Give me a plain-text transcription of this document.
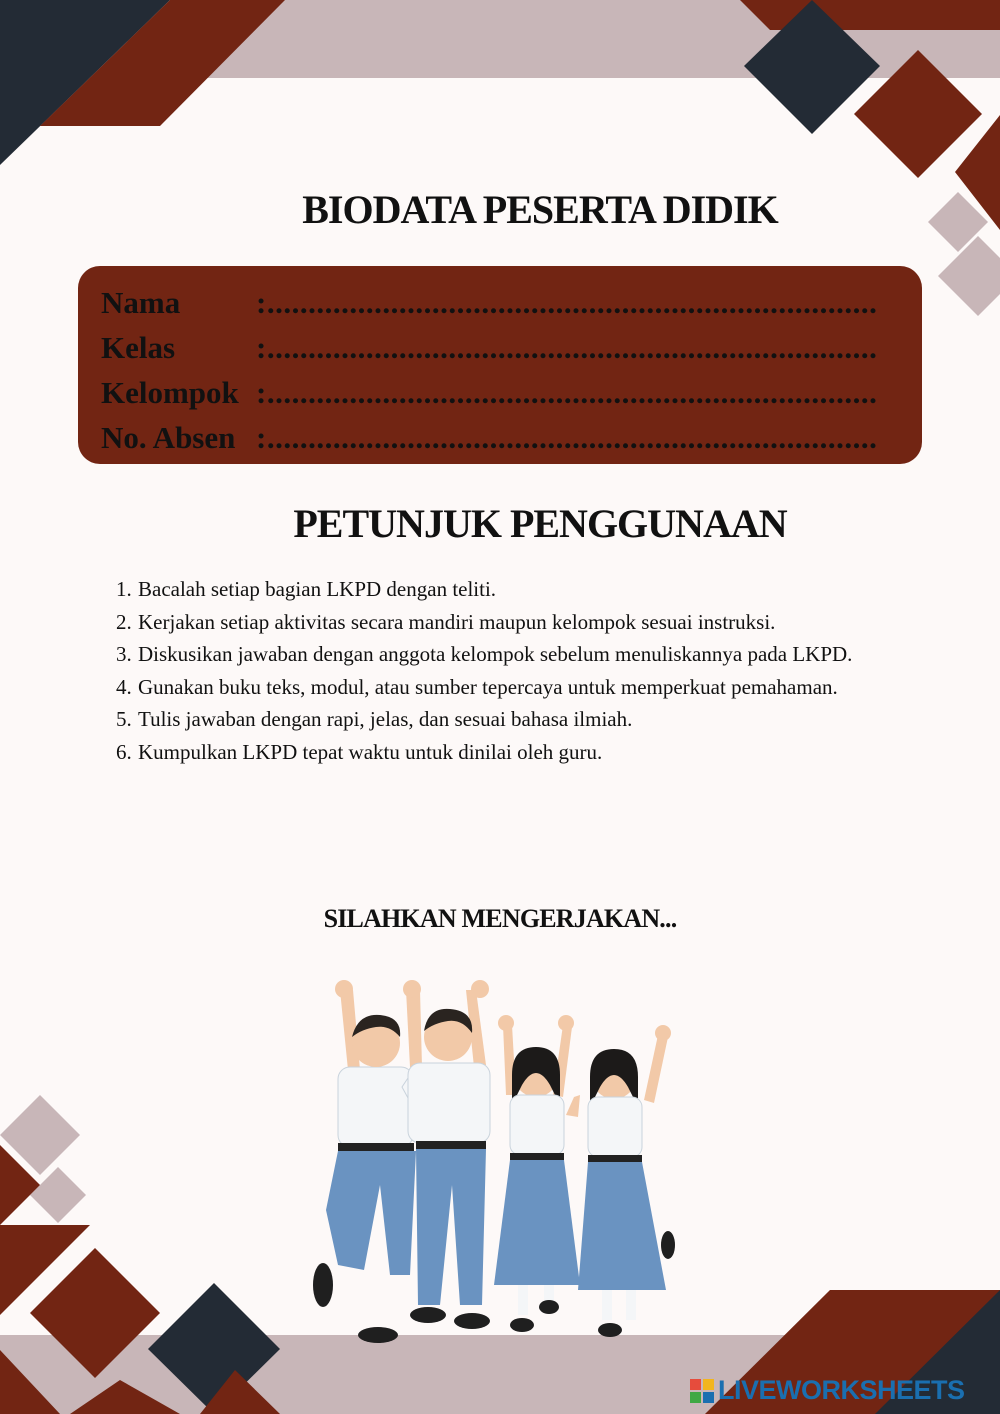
BIODATA PESERTA DIDIK
Nama	:..........................................................................
Kelas	:..........................................................................
Kelompok :..........................................................................
No. Absen :..........................................................................
PETUNJUK PENGGUNAAN
1. Bacalah setiap bagian LKPD dengan teliti.
2. Kerjakan setiap aktivitas secara mandiri maupun kelompok sesuai instruksi.
3. Diskusikan jawaban dengan anggota kelompok sebelum menuliskannya pada LKPD.
4. Gunakan buku teks, modul, atau sumber tepercaya untuk memperkuat pemahaman.
5. Tulis jawaban dengan rapi, jelas, dan sesuai bahasa ilmiah.
6. Kumpulkan LKPD tepat waktu untuk dinilai oleh guru.
SILAHKAN MENGERJAKAN...
LIVEWORKSHEETS
